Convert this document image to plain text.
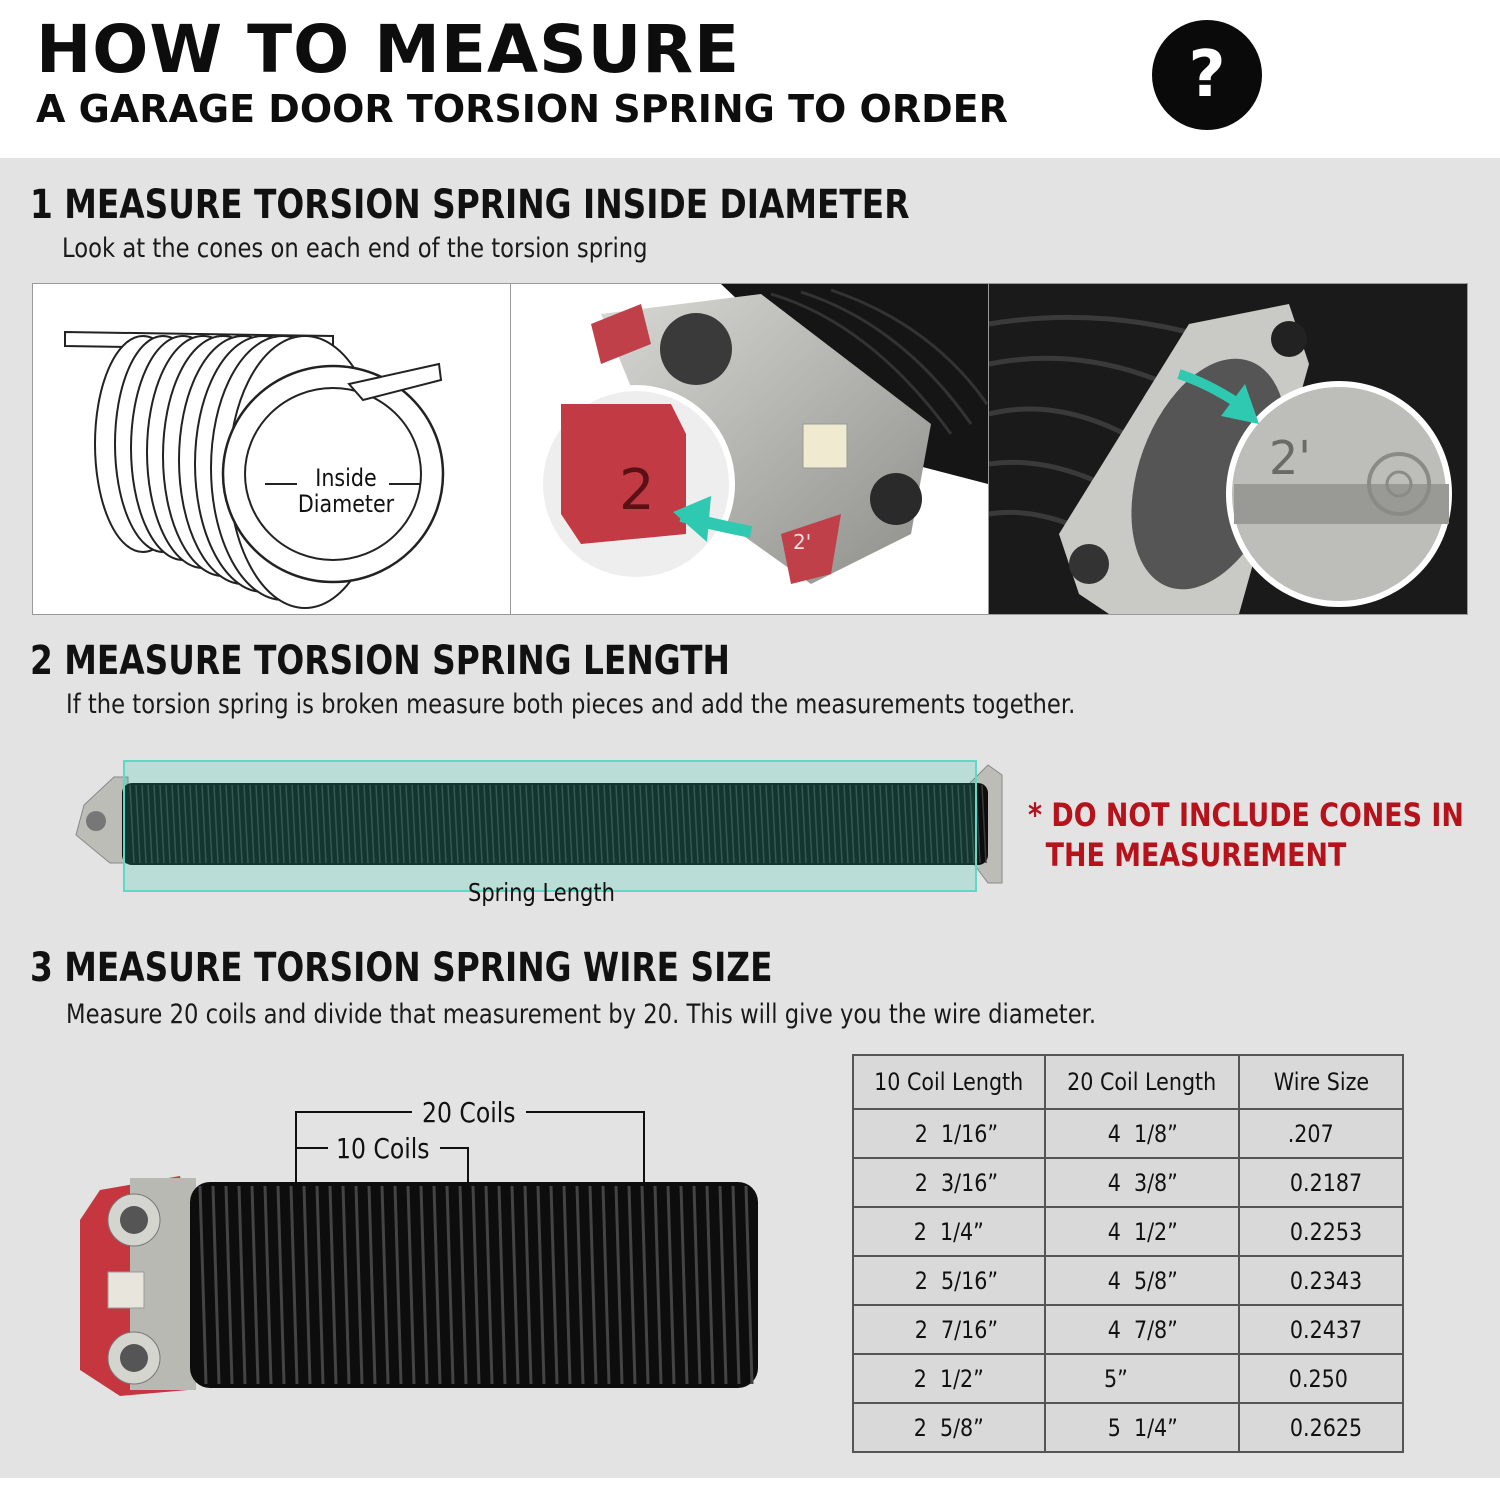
HOW TO MEASURE
A GARAGE DOOR TORSION SPRING TO ORDER	?
1 MEASURE TORSION SPRING INSIDE DIAMETER
Look at the cones on each end of the torsion spring
Inside
Diameter	2
2'
2'
2 MEASURE TORSION SPRING LENGTH
If the torsion spring is broken measure both pieces and add the measurements together.
Spring Length
* DO NOT INCLUDE CONES IN
THE MEASUREMENT
3 MEASURE TORSION SPRING WIRE SIZE
Measure 20 coils and divide that measurement by 20. This will give you the wire diameter.
20 Coils
10 Coils
10 Coil Length	20 Coil Length	Wire Size
2  1/16”	4  1/8”	.207
2  3/16”	4  3/8”	0.2187
2  1/4”	4  1/2”	0.2253
2  5/16”	4  5/8”	0.2343
2  7/16”	4  7/8”	0.2437
2  1/2”	5”	0.250
2  5/8”	5  1/4”	0.2625
